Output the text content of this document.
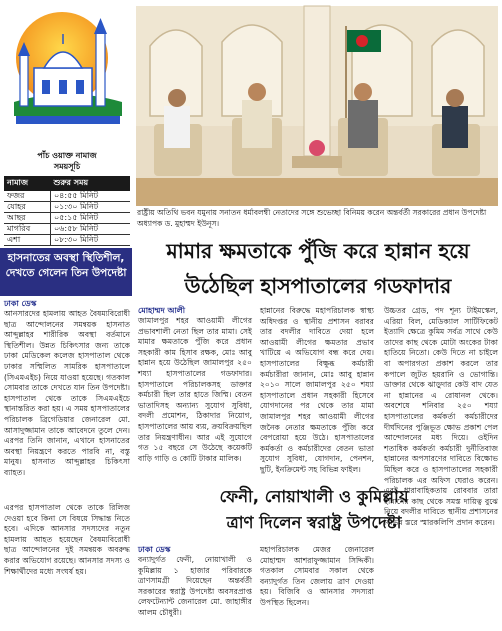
পাঁচ ওয়াক্ত নামাজ
সময়সূচি
নামাজ	শুরুর সময়
ফজর	০৪:৫৫ মিনিট
যোহর	০১:৩০ মিনিট
আছর	০৫:১৫ মিনিট
মাগরিব	০৬:৫৮ মিনিট
এশা	০৮:৩০ মিনিট
হাসনাতের অবস্থা স্থিতিশীল,
দেখতে গেলেন তিন উপদেষ্টা
ঢাকা ডেস্ক
আনসারদের হামলায় আহত বৈষম্যবিরোধী ছাত্র আন্দোলনের সমন্বয়ক হাসনাত আব্দুল্লাহর শারীরিক অবস্থা বর্তমানে স্থিতিশীল। উন্নত চিকিৎসার জন্য তাকে ঢাকা মেডিকেল কলেজ হাসপাতাল থেকে ঢাকার সম্মিলিত সামরিক হাসপাতালে (সিএমএইচ) নিয়ে যাওয়া হয়েছে। গতকাল সোমবার তাকে দেখতে যান তিন উপদেষ্টা। হাসপাতাল থেকে তাকে সিএমএইচে স্থানান্তরিত করা হয়। এ সময় হাসপাতালের পরিচালক ব্রিগেডিয়ার জেনারেল মো. আসাদুজ্জামান তাকে আবেদনে তুলে দেন। এরপর তিনি জানান, এখানে হাসনাতের অবস্থা নিয়ন্ত্রণে করতে পারবি না, বস্তু মানুষ। হাসনাত আব্দুল্লাহর চিকিৎসা ব্যাহত।
এরপর হাসপাতাল থেকে তাকে রিলিজ দেওয়া হবে কিনা সে বিষয়ে সিদ্ধান্ত নিতে হবে। এদিকে আনসার সদস্যদের নতুন হামলায় আহত হয়েছেন বৈষম্যবিরোধী ছাত্র আন্দোলনের দুই সমন্বয়ক অবরুদ্ধ করার অভিযোগ রয়েছে। আনসার সদস্য ও শিক্ষার্থীদের মধ্যে সংঘর্ষ হয়।
রাষ্ট্রীয় অতিথি ভবন যমুনায় সনাতন ধর্মাবলম্বী নেতাদের সঙ্গে শুভেচ্ছা বিনিময় করেন অন্তর্বর্তী সরকারের প্রধান উপদেষ্টা অধ্যাপক ড. মুহাম্মদ ইউনূস।
মামার ক্ষমতাকে পুঁজি করে হান্নান হয়ে
উঠেছিল হাসপাতালের গডফাদার
মোহাম্মদ আলী
জামালপুর শহর আওয়ামী লীগের প্রভাবশালী নেতা ছিল তার মামা। সেই মামার ক্ষমতাকে পুঁজি করে প্রধান সহকারী কাম হিসাব রক্ষক, মোঃ আবু হান্নান হয়ে উঠেছিল জামালপুর ২৫০ শয্যা হাসপাতালের গডফাদার। হাসপাতালে পরিচালকসহ ডাক্তার কর্মচারী ছিল তার হাতে জিম্মি। বেতন ভাতাদিসহ অন্যান্য সুযোগ সুবিধা, বদলী প্রমোশন, ঠিকাদার নিয়োগ, হাসপাতালের আয় ব্যয়, ক্রয়বিক্রয়ছিল তার নিয়ন্ত্রণাধীন। আর এই সুযোগে গত ১৫ বছরে সে উঠেছে কয়েকটি বাড়ি গাড়ি ও কোটি টাকার মালিক।
হান্নানের বিরুদ্ধে মহাপরিচালক স্বাস্থ্য অধিদপ্তর ও স্থানীয় প্রশাসন বরাবর তার বদলীর দাবিতে দেয়া হলে আওয়ামী লীগের ক্ষমতার প্রভাব খাটিয়ে এ অভিযোগ বন্ধ করে দেয়। হাসপাতালের বিক্ষুব্ধ কর্মচারী কর্মচারীরা জানান, মোঃ আবু হান্নান ২০১০ সালে জামালপুর ২৫০ শয্যা হাসপাতালে প্রধান সহকারী হিসেবে যোগদানের পর থেকে তার মামা জামালপুর শহর আওয়ামী লীগের জনৈক নেতার ক্ষমতাকে পুঁজি করে বেপরোয়া হয়ে উঠে। হাসপাতালের কর্মকর্তা ও কর্মচারীদের বেতন ভাতা সুযোগ সুবিধা, যোগদান, পেনশন, ছুটি, ইনক্রিমেন্ট সহ বিভিন্ন ফাইল।
উচ্চতর গ্রেড, পদ শূন্য টাইমস্কেল, এরিয়া বিল, মেডিক্যাল সার্টিফিকেট ইত্যাদি ক্ষেত্রে কুমিম সর্বত্র সাথে কেউ তাদের কাছ থেকে মোটা অংকের টাকা হাতিয়ে নিতো। কেউ দিতে না চাইলে বা অপারগতা প্রকাশ করলে তার কপালে জুটত হয়রানি ও ভোগান্তি। ডাক্তার থেকে ঝাড়ুদার কেউ বাদ যেত না হান্নানের এ রোষানল থেকে। অবশেষে শনিবার ২৫০ শয্যা হাসপাতালের কর্মকর্তা কর্মচারীদের দীর্ঘদিনের পুঞ্জিভূত ক্ষোভ প্রকাশ পেল আন্দোলনের মধ্য দিয়ে। ওইদিন শতাধিক কর্মকর্তা কর্মচারী দুর্নীতিবাজ হান্নানের অপসারণের দাবিতে বিক্ষোভ মিছিল করে ও হাসপাতালের সহকারী পরিচালক এর অফিস ঘেরাও করেন। এরই ধারাবাহিকতায় রোববার তারা হান্নানের কাছ থেকে সমস্ত দায়িত্ব বুঝে নিয়ে বদলীর দাবিতে স্থানীয় প্রশাসনের বিভিন্ন স্তরে স্মারকলিপি প্রদান করেন।
ফেনী, নোয়াখালী ও কুমিল্লায়
ত্রাণ দিলেন স্বরাষ্ট্র উপদেষ্টা
ঢাকা ডেস্ক
বন্যাদুর্গত ফেনী, নোয়াখালী ও কুমিল্লায় ১ হাজার পরিবারকে ত্রাণসামগ্রী দিয়েছেন অন্তর্বর্তী সরকারের স্বরাষ্ট্র উপদেষ্টা অবসরপ্রাপ্ত লেফটেন্যান্ট জেনারেল মো. জাহাঙ্গীর আলম চৌধুরী।
মহাপরিচালক মেজর জেনারেল মোহাম্মদ আশরাফুজ্জামান সিদ্দিকী। গতকাল সোমবার সকাল থেকে বন্যাদুর্গত তিন জেলায় ত্রাণ দেওয়া হয়। বিজিবি ও আনসার সদস্যরা উপস্থিত ছিলেন।
